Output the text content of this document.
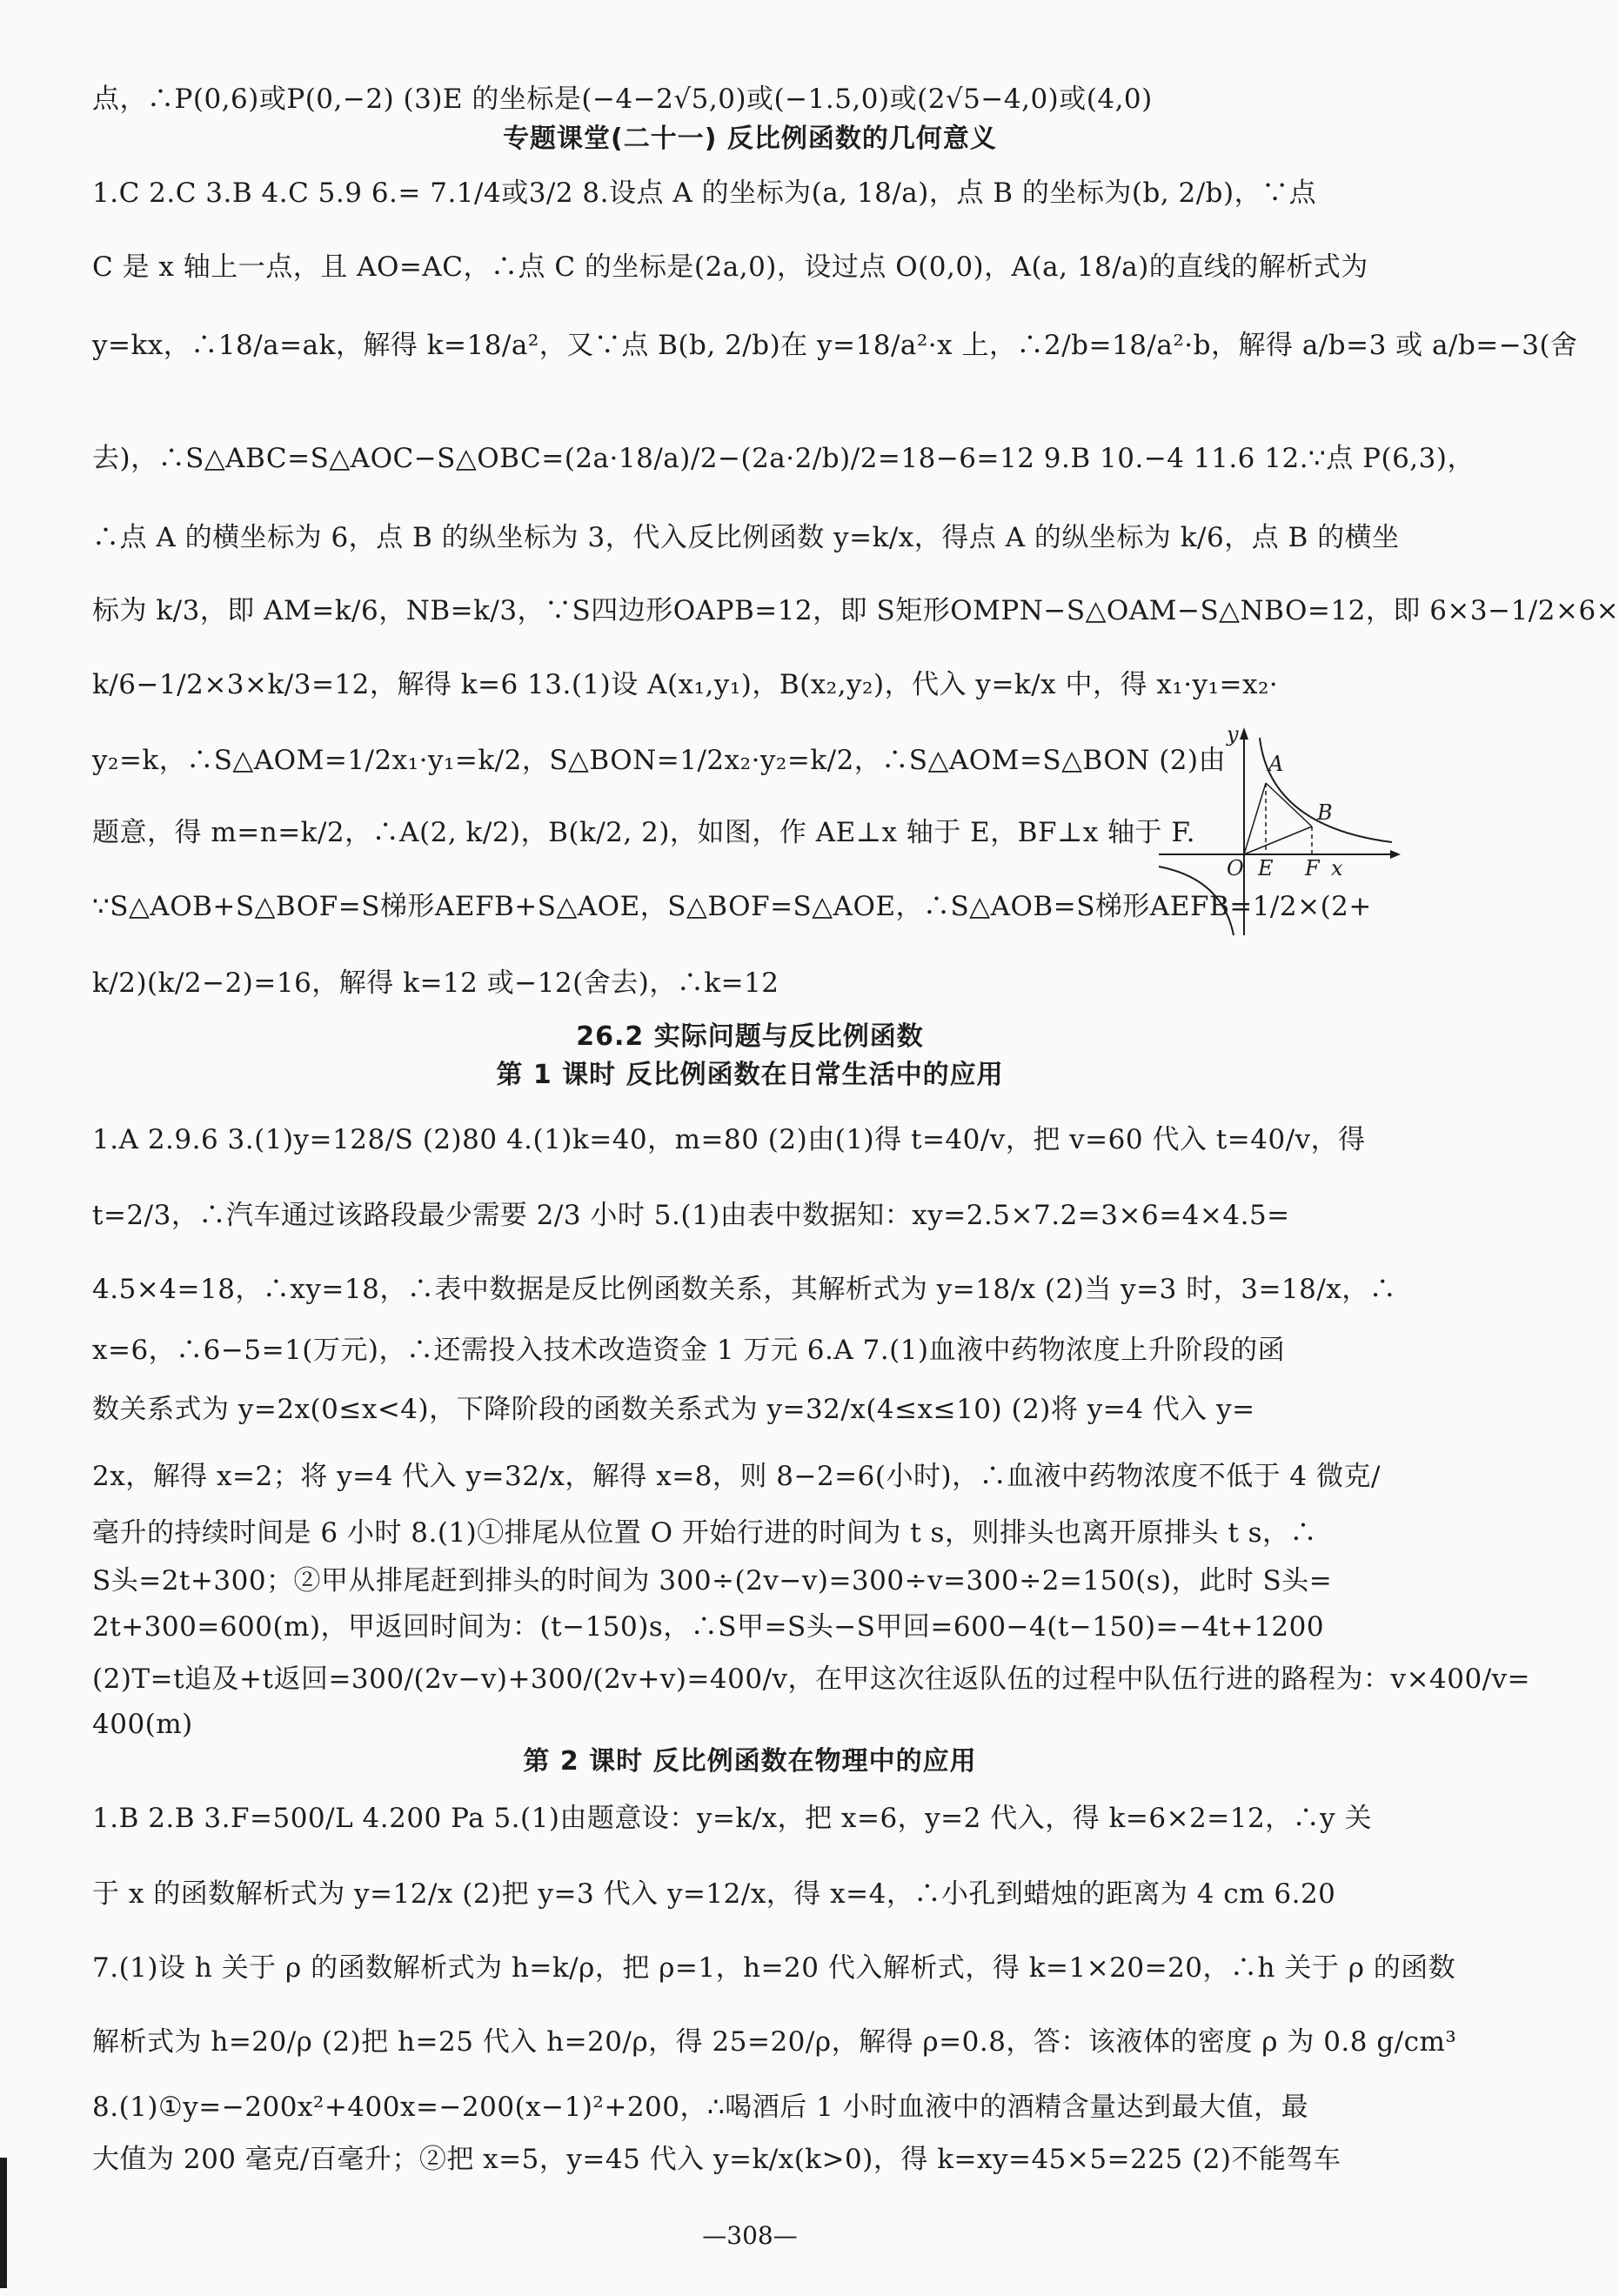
点，∴P(0,6)或P(0,−2) (3)E 的坐标是(−4−2√5,0)或(−1.5,0)或(2√5−4,0)或(4,0)
专题课堂(二十一) 反比例函数的几何意义
1.C 2.C 3.B 4.C 5.9 6.= 7.1/4或3/2 8.设点 A 的坐标为(a, 18/a)，点 B 的坐标为(b, 2/b)，∵点
C 是 x 轴上一点，且 AO=AC，∴点 C 的坐标是(2a,0)，设过点 O(0,0)，A(a, 18/a)的直线的解析式为
y=kx，∴18/a=ak，解得 k=18/a²，又∵点 B(b, 2/b)在 y=18/a²·x 上，∴2/b=18/a²·b，解得 a/b=3 或 a/b=−3(舍
去)，∴S△ABC=S△AOC−S△OBC=(2a·18/a)/2−(2a·2/b)/2=18−6=12 9.B 10.−4 11.6 12.∵点 P(6,3)，
∴点 A 的横坐标为 6，点 B 的纵坐标为 3，代入反比例函数 y=k/x，得点 A 的纵坐标为 k/6，点 B 的横坐
标为 k/3，即 AM=k/6，NB=k/3，∵S四边形OAPB=12，即 S矩形OMPN−S△OAM−S△NBO=12，即 6×3−1/2×6×
k/6−1/2×3×k/3=12，解得 k=6 13.(1)设 A(x₁,y₁)，B(x₂,y₂)，代入 y=k/x 中，得 x₁·y₁=x₂·
y₂=k，∴S△AOM=1/2x₁·y₁=k/2，S△BON=1/2x₂·y₂=k/2，∴S△AOM=S△BON (2)由
题意，得 m=n=k/2，∴A(2, k/2)，B(k/2, 2)，如图，作 AE⊥x 轴于 E，BF⊥x 轴于 F.
∵S△AOB+S△BOF=S梯形AEFB+S△AOE，S△BOF=S△AOE，∴S△AOB=S梯形AEFB=1/2×(2+
k/2)(k/2−2)=16，解得 k=12 或−12(舍去)，∴k=12
26.2 实际问题与反比例函数
第 1 课时 反比例函数在日常生活中的应用
1.A 2.9.6 3.(1)y=128/S (2)80 4.(1)k=40，m=80 (2)由(1)得 t=40/v，把 v=60 代入 t=40/v，得
t=2/3，∴汽车通过该路段最少需要 2/3 小时 5.(1)由表中数据知：xy=2.5×7.2=3×6=4×4.5=
4.5×4=18，∴xy=18，∴表中数据是反比例函数关系，其解析式为 y=18/x (2)当 y=3 时，3=18/x，∴
x=6，∴6−5=1(万元)，∴还需投入技术改造资金 1 万元 6.A 7.(1)血液中药物浓度上升阶段的函
数关系式为 y=2x(0≤x<4)，下降阶段的函数关系式为 y=32/x(4≤x≤10) (2)将 y=4 代入 y=
2x，解得 x=2；将 y=4 代入 y=32/x，解得 x=8，则 8−2=6(小时)，∴血液中药物浓度不低于 4 微克/
毫升的持续时间是 6 小时 8.(1)①排尾从位置 O 开始行进的时间为 t s，则排头也离开原排头 t s，∴
S头=2t+300；②甲从排尾赶到排头的时间为 300÷(2v−v)=300÷v=300÷2=150(s)，此时 S头=
2t+300=600(m)，甲返回时间为：(t−150)s，∴S甲=S头−S甲回=600−4(t−150)=−4t+1200
(2)T=t追及+t返回=300/(2v−v)+300/(2v+v)=400/v，在甲这次往返队伍的过程中队伍行进的路程为：v×400/v=
400(m)
第 2 课时 反比例函数在物理中的应用
1.B 2.B 3.F=500/L 4.200 Pa 5.(1)由题意设：y=k/x，把 x=6，y=2 代入，得 k=6×2=12，∴y 关
于 x 的函数解析式为 y=12/x (2)把 y=3 代入 y=12/x，得 x=4，∴小孔到蜡烛的距离为 4 cm 6.20
7.(1)设 h 关于 ρ 的函数解析式为 h=k/ρ，把 ρ=1，h=20 代入解析式，得 k=1×20=20，∴h 关于 ρ 的函数
解析式为 h=20/ρ (2)把 h=25 代入 h=20/ρ，得 25=20/ρ，解得 ρ=0.8，答：该液体的密度 ρ 为 0.8 g/cm³
8.(1)①y=−200x²+400x=−200(x−1)²+200，∴喝酒后 1 小时血液中的酒精含量达到最大值，最
大值为 200 毫克/百毫升；②把 x=5，y=45 代入 y=k/x(k>0)，得 k=xy=45×5=225 (2)不能驾车
y
A
B
O E F x
—308—
